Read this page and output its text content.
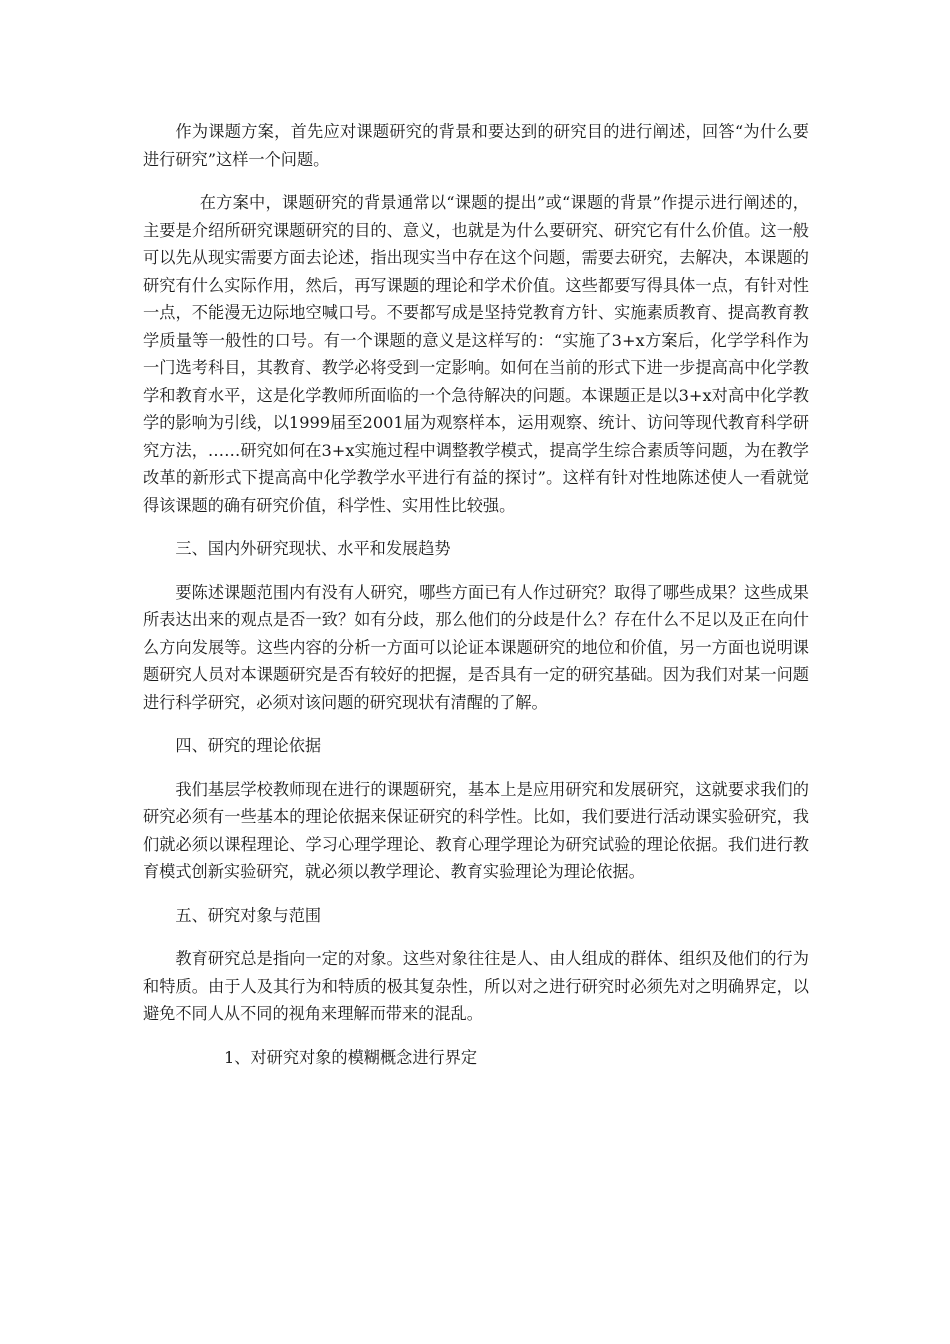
作为课题方案，首先应对课题研究的背景和要达到的研究目的进行阐述，回答“为什么要进行研究”这样一个问题。

在方案中，课题研究的背景通常以“课题的提出”或“课题的背景”作提示进行阐述的，主要是介绍所研究课题研究的目的、意义，也就是为什么要研究、研究它有什么价值。这一般可以先从现实需要方面去论述，指出现实当中存在这个问题，需要去研究，去解决，本课题的研究有什么实际作用，然后，再写课题的理论和学术价值。这些都要写得具体一点，有针对性一点，不能漫无边际地空喊口号。不要都写成是坚持党教育方针、实施素质教育、提高教育教学质量等一般性的口号。有一个课题的意义是这样写的：“实施了3+x方案后，化学学科作为一门选考科目，其教育、教学必将受到一定影响。如何在当前的形式下进一步提高高中化学教学和教育水平，这是化学教师所面临的一个急待解决的问题。本课题正是以3+x对高中化学教学的影响为引线，以1999届至2001届为观察样本，运用观察、统计、访问等现代教育科学研究方法，……研究如何在3+x实施过程中调整教学模式，提高学生综合素质等问题，为在教学改革的新形式下提高高中化学教学水平进行有益的探讨”。这样有针对性地陈述使人一看就觉得该课题的确有研究价值，科学性、实用性比较强。

三、国内外研究现状、水平和发展趋势

要陈述课题范围内有没有人研究，哪些方面已有人作过研究？取得了哪些成果？这些成果所表达出来的观点是否一致？如有分歧，那么他们的分歧是什么？存在什么不足以及正在向什么方向发展等。这些内容的分析一方面可以论证本课题研究的地位和价值，另一方面也说明课题研究人员对本课题研究是否有较好的把握，是否具有一定的研究基础。因为我们对某一问题进行科学研究，必须对该问题的研究现状有清醒的了解。

四、研究的理论依据

我们基层学校教师现在进行的课题研究，基本上是应用研究和发展研究，这就要求我们的研究必须有一些基本的理论依据来保证研究的科学性。比如，我们要进行活动课实验研究，我们就必须以课程理论、学习心理学理论、教育心理学理论为研究试验的理论依据。我们进行教育模式创新实验研究，就必须以教学理论、教育实验理论为理论依据。

五、研究对象与范围

教育研究总是指向一定的对象。这些对象往往是人、由人组成的群体、组织及他们的行为和特质。由于人及其行为和特质的极其复杂性，所以对之进行研究时必须先对之明确界定，以避免不同人从不同的视角来理解而带来的混乱。

1、对研究对象的模糊概念进行界定
